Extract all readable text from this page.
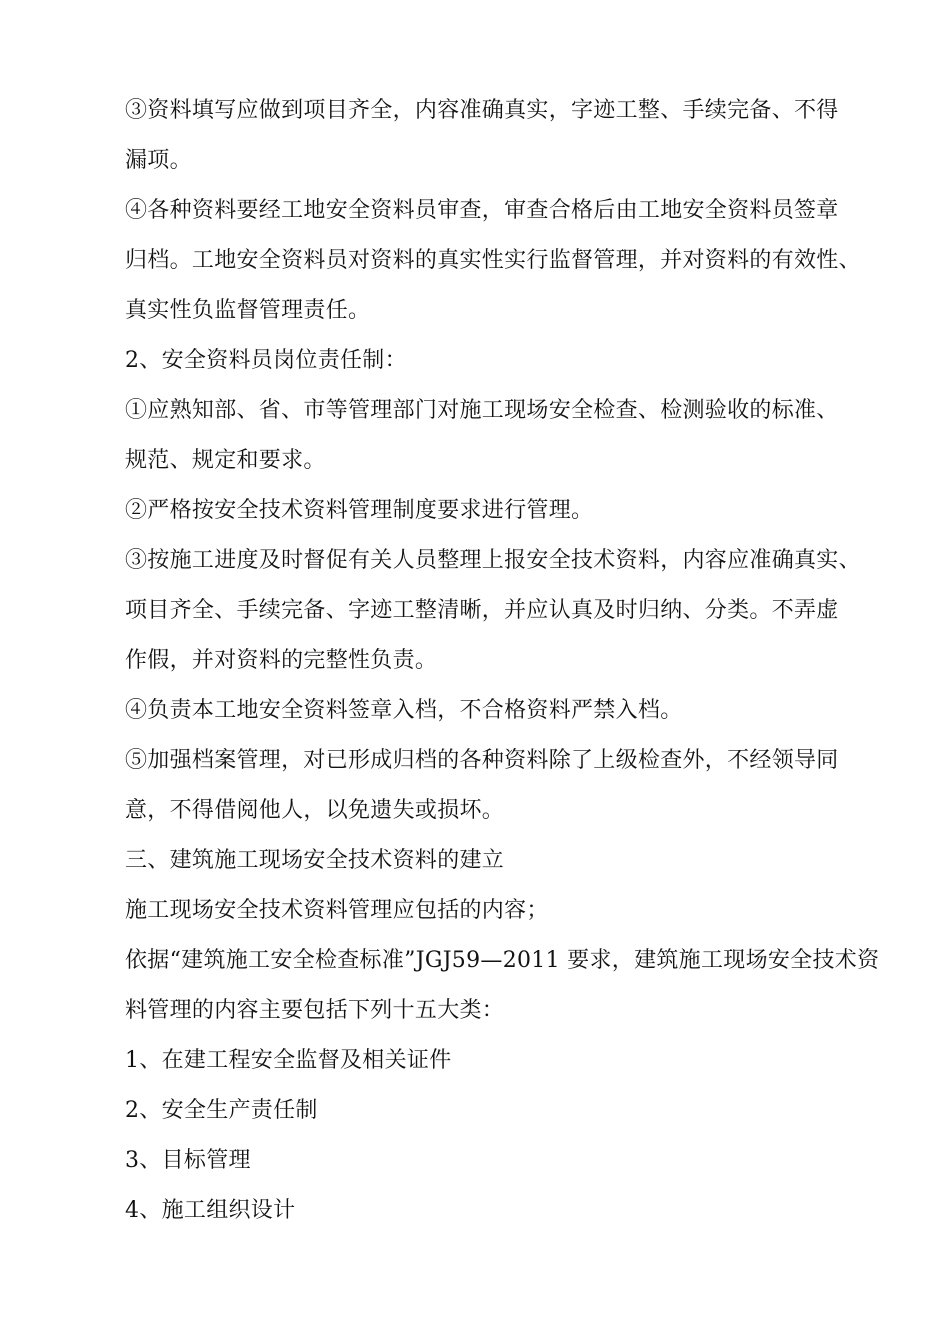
③资料填写应做到项目齐全，内容准确真实，字迹工整、手续完备、不得
漏项。
④各种资料要经工地安全资料员审查，审查合格后由工地安全资料员签章
归档。工地安全资料员对资料的真实性实行监督管理，并对资料的有效性、
真实性负监督管理责任。
2、安全资料员岗位责任制：
①应熟知部、省、市等管理部门对施工现场安全检查、检测验收的标准、
规范、规定和要求。
②严格按安全技术资料管理制度要求进行管理。
③按施工进度及时督促有关人员整理上报安全技术资料，内容应准确真实、
项目齐全、手续完备、字迹工整清晰，并应认真及时归纳、分类。不弄虚
作假，并对资料的完整性负责。
④负责本工地安全资料签章入档，不合格资料严禁入档。
⑤加强档案管理，对已形成归档的各种资料除了上级检查外，不经领导同
意，不得借阅他人，以免遗失或损坏。
三、建筑施工现场安全技术资料的建立
施工现场安全技术资料管理应包括的内容；
依据“建筑施工安全检查标准”JGJ59—2011 要求，建筑施工现场安全技术资
料管理的内容主要包括下列十五大类：
1、在建工程安全监督及相关证件
2、安全生产责任制
3、目标管理
4、施工组织设计
